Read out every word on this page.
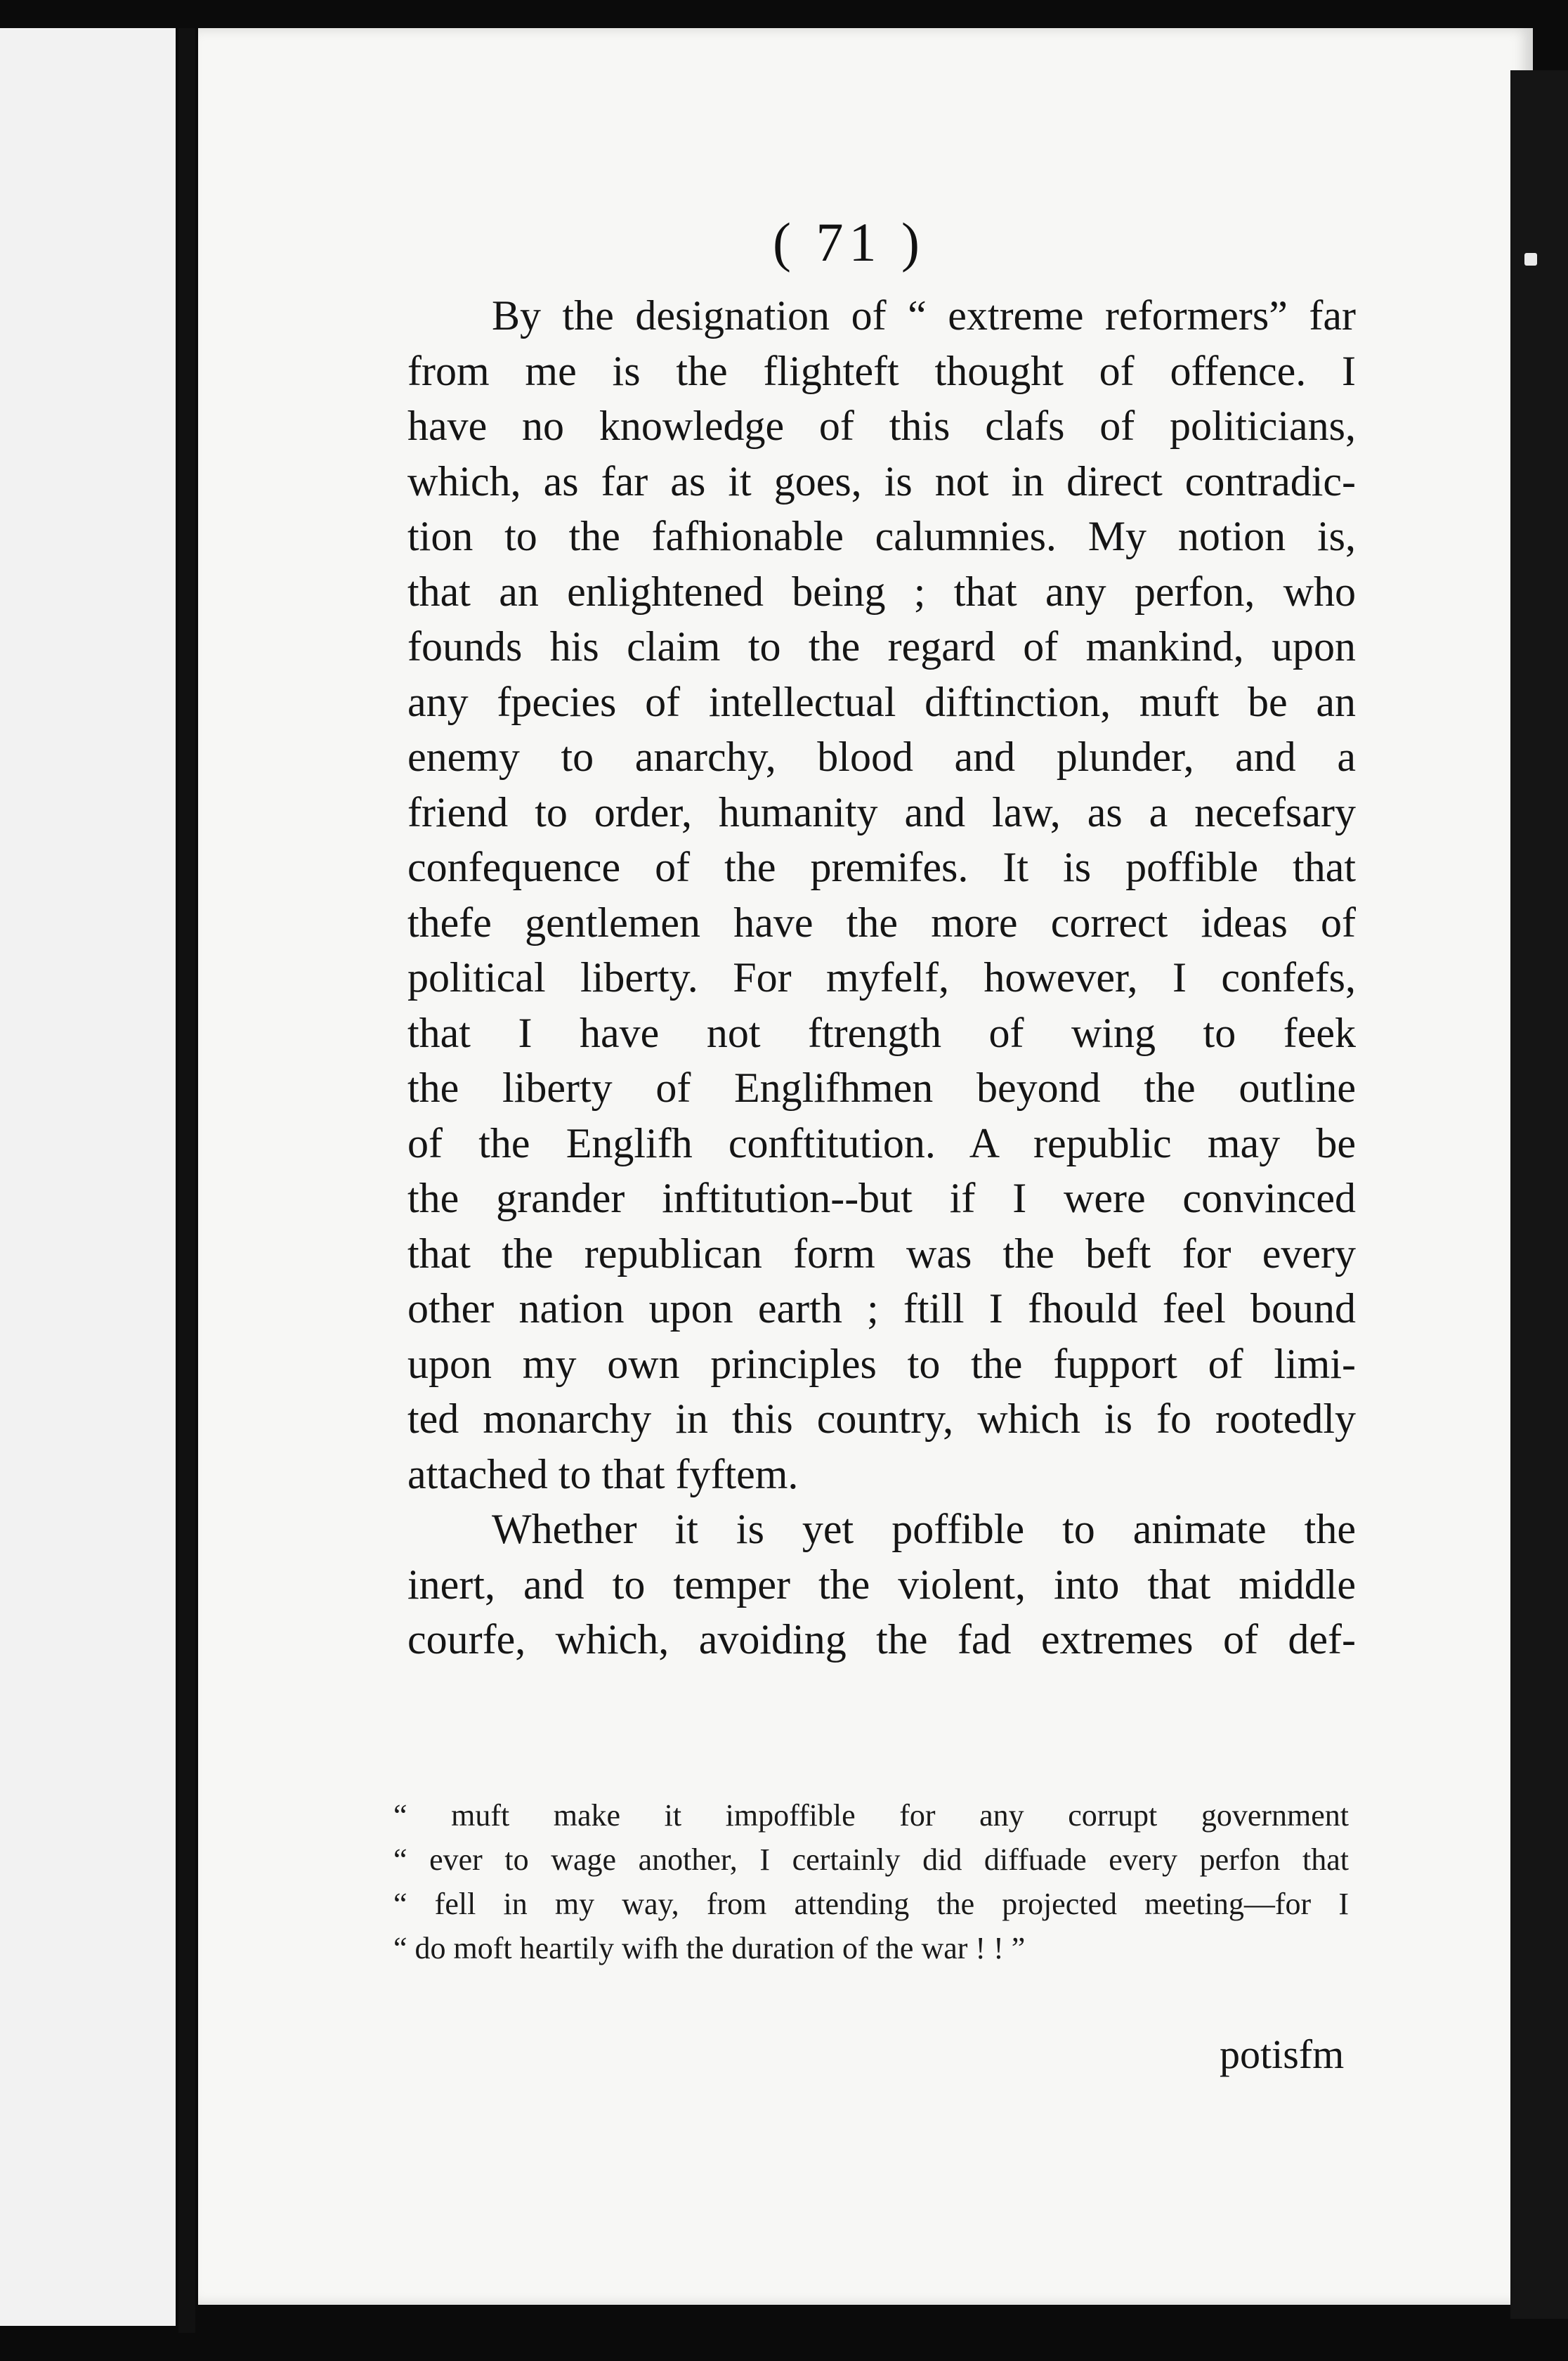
( 71 )
By the designation of “ extreme reformers” far
from me is the flighteft thought of offence. I
have no knowledge of this clafs of politicians,
which, as far as it goes, is not in direct contradic-
tion to the fafhionable calumnies. My notion is,
that an enlightened being ; that any perfon, who
founds his claim to the regard of mankind, upon
any fpecies of intellectual diftinction, muft be an
enemy to anarchy, blood and plunder, and a
friend to order, humanity and law, as a necefsary
confequence of the premifes. It is poffible that
thefe gentlemen have the more correct ideas of
political liberty. For myfelf, however, I confefs,
that I have not ftrength of wing to feek
the liberty of Englifhmen beyond the outline
of the Englifh conftitution. A republic may be
the grander inftitution--but if I were convinced
that the republican form was the beft for every
other nation upon earth ; ftill I fhould feel bound
upon my own principles to the fupport of limi-
ted monarchy in this country, which is fo rootedly
attached to that fyftem.
Whether it is yet poffible to animate the
inert, and to temper the violent, into that middle
courfe, which, avoiding the fad extremes of def-
“ muft make it impoffible for any corrupt government
“ ever to wage another, I certainly did diffuade every perfon that
“ fell in my way, from attending the projected meeting—for I
“ do moft heartily wifh the duration of the war ! ! ”
potisfm
